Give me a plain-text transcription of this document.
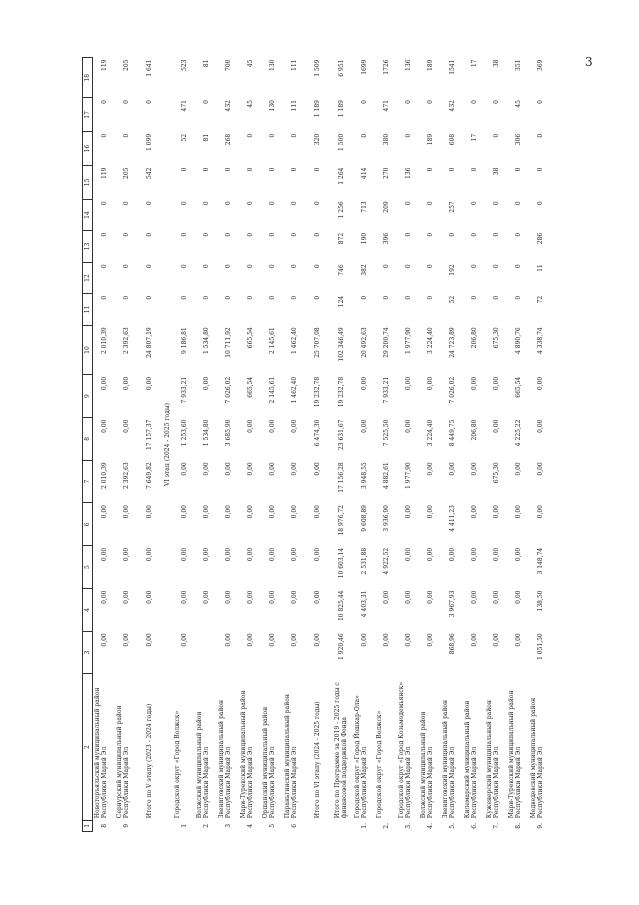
3
1	2	3	4	5	6	7	8	9	10	11	12	13	14	15	16	17	18
8	Новоторъяльский муниципальный район Республики Марий Эл	0,00	0,00	0,00	0,00	2 010,39	0,00	0,00	2 010,39	0	0	0	0	119	0	0	119
9	Сернурский муниципальный район Республики Марий Эл	0,00	0,00	0,00	0,00	2 392,63	0,00	0,00	2 392,63	0	0	0	0	205	0	0	205
	Итого по V этапу (2023 - 2024 годы)	0,00	0,00	0,00	0,00	7 649,82	17 157,37	0,00	24 807,19	0	0	0	0	542	1 099	0	1 641
VI этап (2024 - 2025 годы)																	
1	Городской округ «Город Волжск»	0,00	0,00	0,00	0,00	0,00	1 253,60	7 933,21	9 186,81	0	0	0	0	0	52	471	523
2	Волжский муниципальный район Республики Марий Эл		0,00	0,00	0,00	0,00	1 534,80	0,00	1 534,80	0	0	0	0	0	81	0	81
3	Звениговский муниципальный район Республики Марий Эл	0,00	0,00	0,00	0,00	0,00	3 685,90	7 026,02	10 711,92	0	0	0	0	0	268	432	700
4	Мари-Турекский муниципальный район Республики Марий Эл	0,00	0,00	0,00	0,00	0,00	0,00	665,54	665,54	0	0	0	0	0	0	45	45
5	Оршанский муниципальный район Республики Марий Эл	0,00	0,00	0,00	0,00	0,00	0,00	2 145,61	2 145,61	0	0	0	0	0	0	130	130
6	Параньгинский муниципальный район Республики Марий Эл	0,00	0,00	0,00	0,00	0,00	0,00	1 462,40	1 462,40	0	0	0	0	0	0	111	111
	Итого по VI этапу (2024 - 2025 годы)	0,00	0,00	0,00	0,00	0,00	6 474,30	19 232,78	25 707,08	0	0	0	0	0	320	1 189	1 509
	Итого по Программе за 2019 - 2025 годы с финансовой поддержкой Фонда	1 920,46	10 825,44	10 603,14	18 976,72	17 156,28	23 631,67	19 232,78	102 346,49	124	746	872	1 256	1 264	1 500	1 189	6 951
1.	Городской округ «Город Йошкар-Ола» Республики Марий Эл	0,00	4 403,31	2 531,88	9 608,89	3 948,55	0,00	0,00	20 492,63	0	382	190	713	414	0	0	1699
2.	Городской округ «Город Волжск»	0,00	0,00	4 922,52	3 936,90	4 882,61	7 525,50	7 933,21	29 200,74	0	0	396	209	270	380	471	1726
3.	Городской округ «Город Козьмодемьянск» Республики Марий Эл	0,00	0,00	0,00	0,00	1 977,90	0,00	0,00	1 977,90	0	0	0	0	136	0	0	136
4.	Волжский муниципальный район Республики Марий Эл	0,00	0,00	0,00	0,00	0,00	3 224,40	0,00	3 224,40	0	0	0	0	0	189	0	189
5.	Звениговский муниципальный район Республики Марий Эл	868,96	3 967,93	0,00	4 411,23	0,00	8 449,75	7 026,02	24 723,89	52	192	0	257	0	608	432	1541
6.	Килемарский муниципальный район Республики Марий Эл	0,00	0,00	0,00	0,00	0,00	206,80	0,00	206,80	0	0	0	0	0	17	0	17
7.	Куженерский муниципальный район Республики Марий Эл	0,00	0,00	0,00	0,00	675,30	0,00	0,00	675,30	0	0	0	0	38	0	0	38
8.	Мари-Турекский муниципальный район Республики Марий Эл	0,00	0,00	0,00	0,00	0,00	4 225,22	665,54	4 890,76	0	0	0	0	0	306	45	351
9.	Медведевский муниципальный район Республики Марий Эл	1 051,50	138,50	3 148,74	0,00	0,00	0,00	0,00	4 338,74	72	11	286	0	0	0	0	369
